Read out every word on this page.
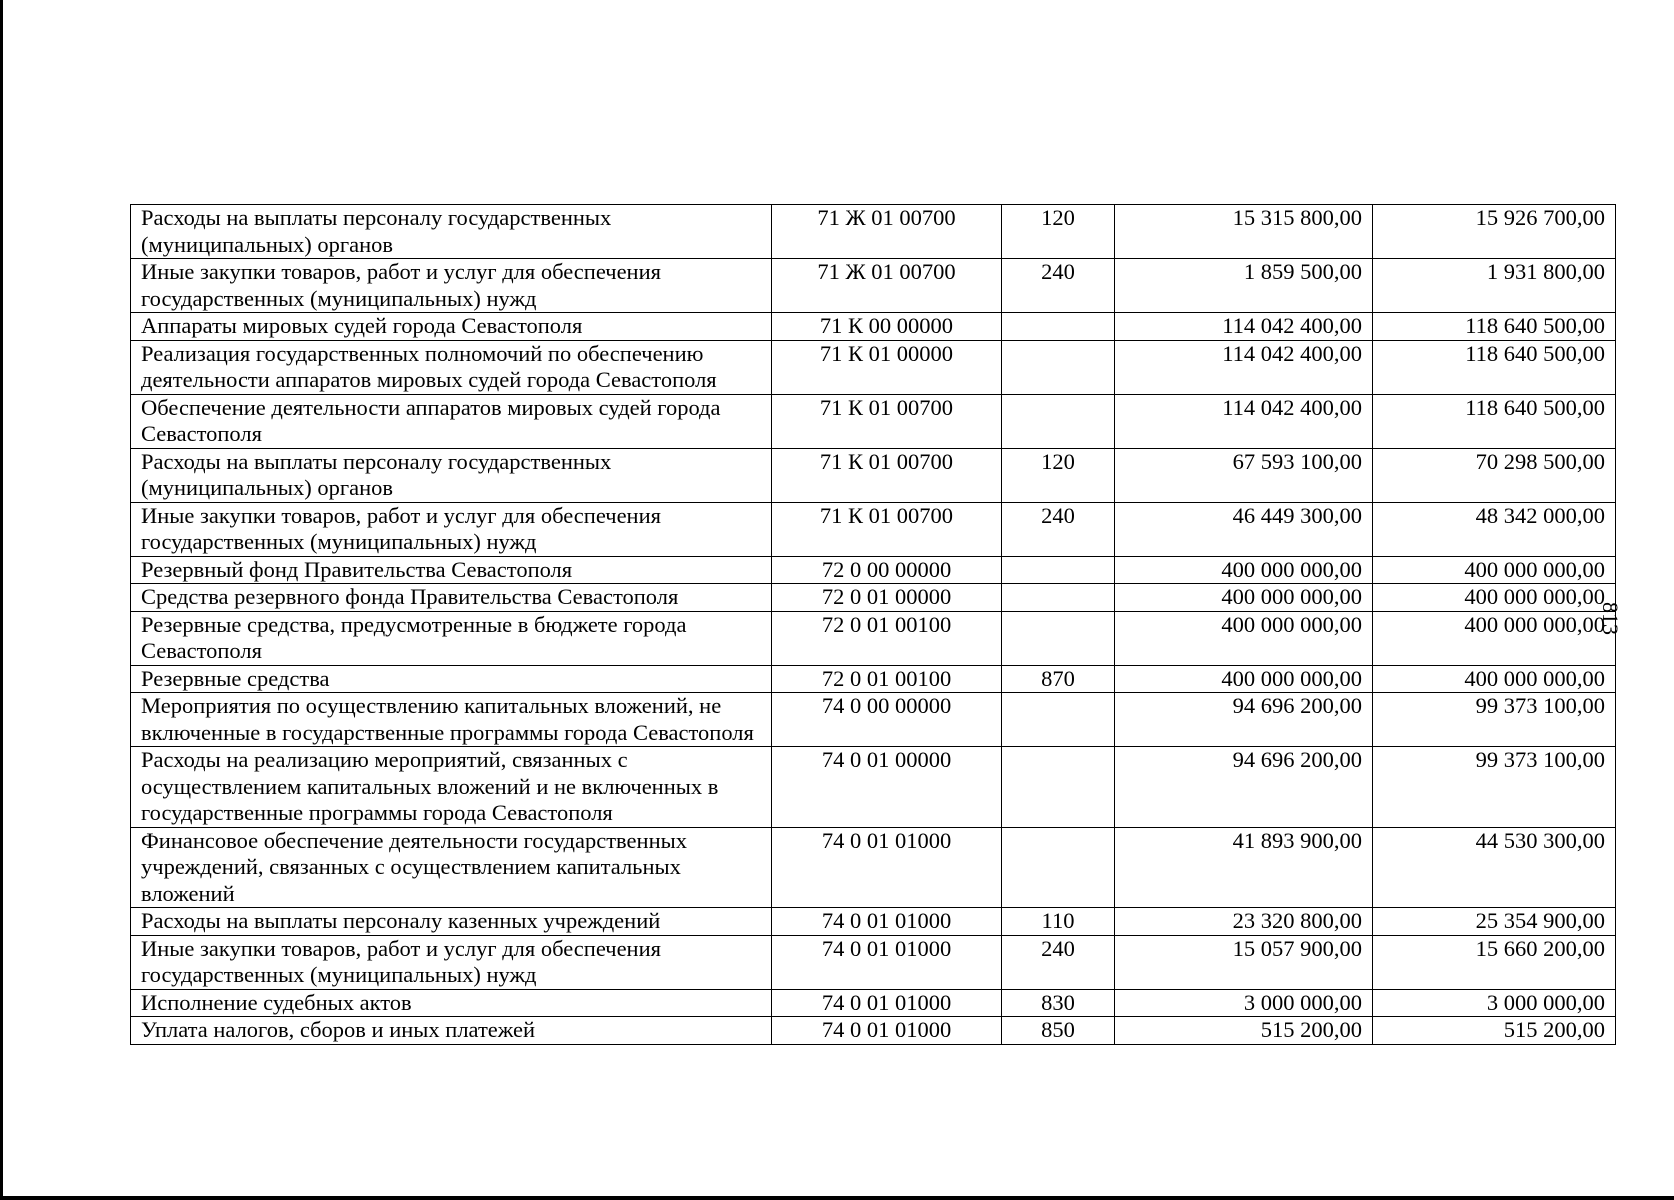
Расходы на выплаты персоналу государственных (муниципальных) органов	71 Ж 01 00700	120	15 315 800,00	15 926 700,00
Иные закупки товаров, работ и услуг для обеспечения государственных (муниципальных) нужд	71 Ж 01 00700	240	1 859 500,00	1 931 800,00
Аппараты мировых судей города Севастополя	71 К 00 00000		114 042 400,00	118 640 500,00
Реализация государственных полномочий по обеспечению деятельности аппаратов мировых судей города Севастополя	71 К 01 00000		114 042 400,00	118 640 500,00
Обеспечение деятельности аппаратов мировых судей города Севастополя	71 К 01 00700		114 042 400,00	118 640 500,00
Расходы на выплаты персоналу государственных (муниципальных) органов	71 К 01 00700	120	67 593 100,00	70 298 500,00
Иные закупки товаров, работ и услуг для обеспечения государственных (муниципальных) нужд	71 К 01 00700	240	46 449 300,00	48 342 000,00
Резервный фонд Правительства Севастополя	72 0 00 00000		400 000 000,00	400 000 000,00
Средства резервного фонда Правительства Севастополя	72 0 01 00000		400 000 000,00	400 000 000,00
Резервные средства, предусмотренные в бюджете города Севастополя	72 0 01 00100		400 000 000,00	400 000 000,00
Резервные средства	72 0 01 00100	870	400 000 000,00	400 000 000,00
Мероприятия по осуществлению капитальных вложений, не включенные в государственные программы города Севастополя	74 0 00 00000		94 696 200,00	99 373 100,00
Расходы на реализацию мероприятий, связанных с осуществлением капитальных вложений и не включенных в государственные программы города Севастополя	74 0 01 00000		94 696 200,00	99 373 100,00
Финансовое обеспечение деятельности государственных учреждений, связанных с осуществлением капитальных вложений	74 0 01 01000		41 893 900,00	44 530 300,00
Расходы на выплаты персоналу казенных учреждений	74 0 01 01000	110	23 320 800,00	25 354 900,00
Иные закупки товаров, работ и услуг для обеспечения государственных (муниципальных) нужд	74 0 01 01000	240	15 057 900,00	15 660 200,00
Исполнение судебных актов	74 0 01 01000	830	3 000 000,00	3 000 000,00
Уплата налогов, сборов и иных платежей	74 0 01 01000	850	515 200,00	515 200,00
813
